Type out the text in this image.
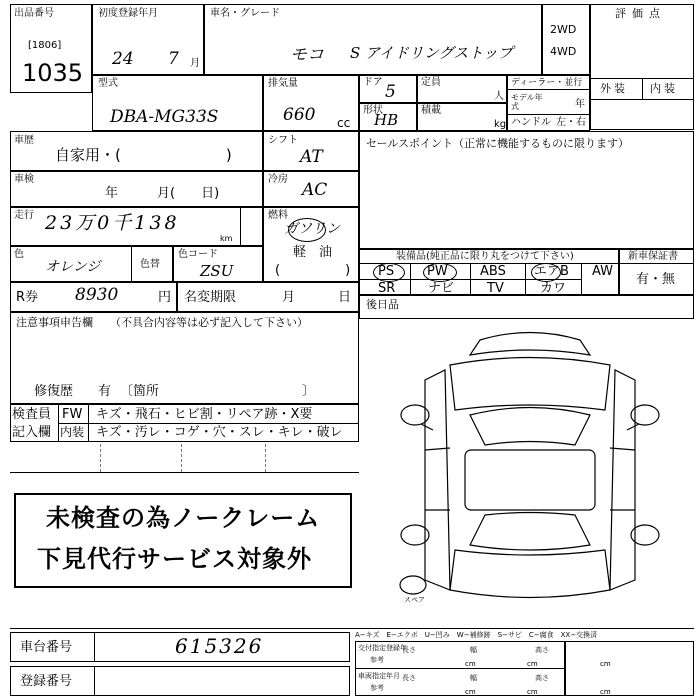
出品番号
[1806]
1035
初度登録年月
24 7 月
車名・グレード
モコ S アイドリングストップ
2WD
4WD
評価点
外装 内装
型式
DBA-MG33S
排気量
660 cc
ドア 5
形状
HB
定員
人
積載
kg
ディーラー・並行
モデル年式	年
ハンドル 左・右
車歴
自家用・(　　　　　　　)
シフト
AT
車検
年　　　月(　　日)
冷房
AC
走行 23万0千138
km
燃料
ガソリン
軽　油
(　　　　　)
色
オレンジ	色替
色コード
ZSU
セールスポイント（正常に機能するものに限ります）
装備品(純正品に限り丸をつけて下さい)
PS	PW ABS エアB AW
SR	ナビ	TV	カワ
新車保証書
有・無
後日品
R券 8930	円 名変期限	月	日
注意事項申告欄 （不具合内容等は必ず記入して下さい）
修復歴 有 〔箇所　　　　　　　　　　　〕
検査員
記入欄
FW キズ・飛石・ヒビ割・リペア跡・X要
内装 キズ・汚レ・コゲ・穴・スレ・キレ・破レ
未検査の為ノークレーム
下見代行サービス対象外
スペア
車台番号	615326
登録番号
A−キズ　E−エクボ　U−凹み　W−補修跡　S−サビ　C−腐食　XX−交換済
交付指定登録年
参考
長さ	幅	高さ
cm	cm
車両指定年月
参考
長さ	幅	高さ
cm	cm
cm
cm
